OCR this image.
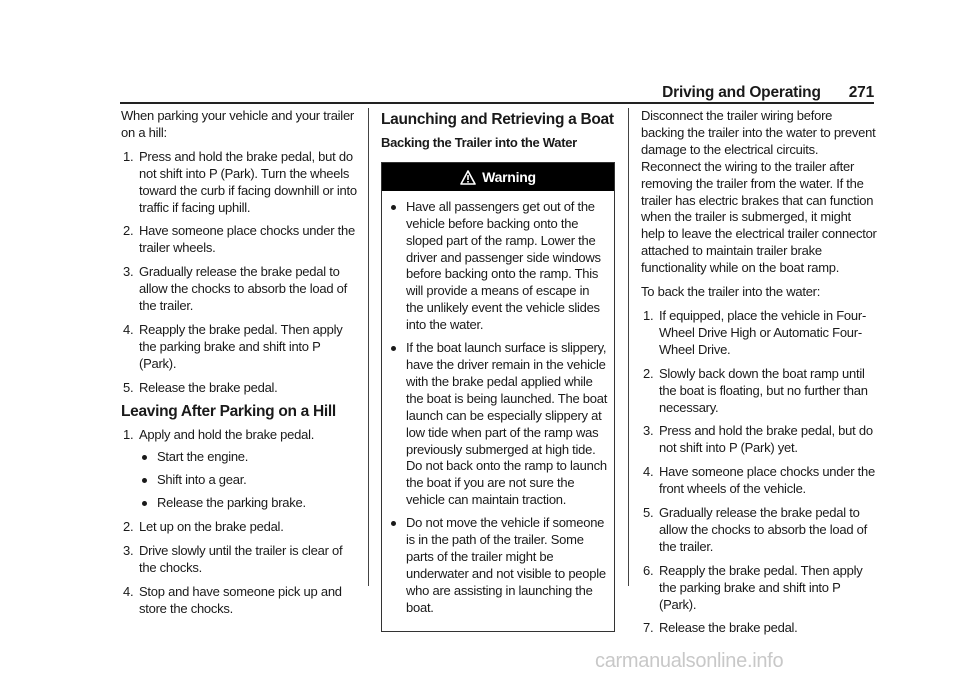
Driving and Operating 271

When parking your vehicle and your trailer on a hill:

1. Press and hold the brake pedal, but do not shift into P (Park). Turn the wheels toward the curb if facing downhill or into traffic if facing uphill.
2. Have someone place chocks under the trailer wheels.
3. Gradually release the brake pedal to allow the chocks to absorb the load of the trailer.
4. Reapply the brake pedal. Then apply the parking brake and shift into P (Park).
5. Release the brake pedal.
Leaving After Parking on a Hill
1. Apply and hold the brake pedal.
Start the engine.
Shift into a gear.
Release the parking brake.
2. Let up on the brake pedal.
3. Drive slowly until the trailer is clear of the chocks.
4. Stop and have someone pick up and store the chocks.
Launching and Retrieving a Boat
Backing the Trailer into the Water
Warning
Have all passengers get out of the vehicle before backing onto the sloped part of the ramp. Lower the driver and passenger side windows before backing onto the ramp. This will provide a means of escape in the unlikely event the vehicle slides into the water.
If the boat launch surface is slippery, have the driver remain in the vehicle with the brake pedal applied while the boat is being launched. The boat launch can be especially slippery at low tide when part of the ramp was previously submerged at high tide. Do not back onto the ramp to launch the boat if you are not sure the vehicle can maintain traction.
Do not move the vehicle if someone is in the path of the trailer. Some parts of the trailer might be underwater and not visible to people who are assisting in launching the boat.

Disconnect the trailer wiring before backing the trailer into the water to prevent damage to the electrical circuits. Reconnect the wiring to the trailer after removing the trailer from the water. If the trailer has electric brakes that can function when the trailer is submerged, it might help to leave the electrical trailer connector attached to maintain trailer brake functionality while on the boat ramp.

To back the trailer into the water:

1. If equipped, place the vehicle in Four-Wheel Drive High or Automatic Four-Wheel Drive.
2. Slowly back down the boat ramp until the boat is floating, but no further than necessary.
3. Press and hold the brake pedal, but do not shift into P (Park) yet.
4. Have someone place chocks under the front wheels of the vehicle.
5. Gradually release the brake pedal to allow the chocks to absorb the load of the trailer.
6. Reapply the brake pedal. Then apply the parking brake and shift into P (Park).
7. Release the brake pedal.
carmanualsonline.info
